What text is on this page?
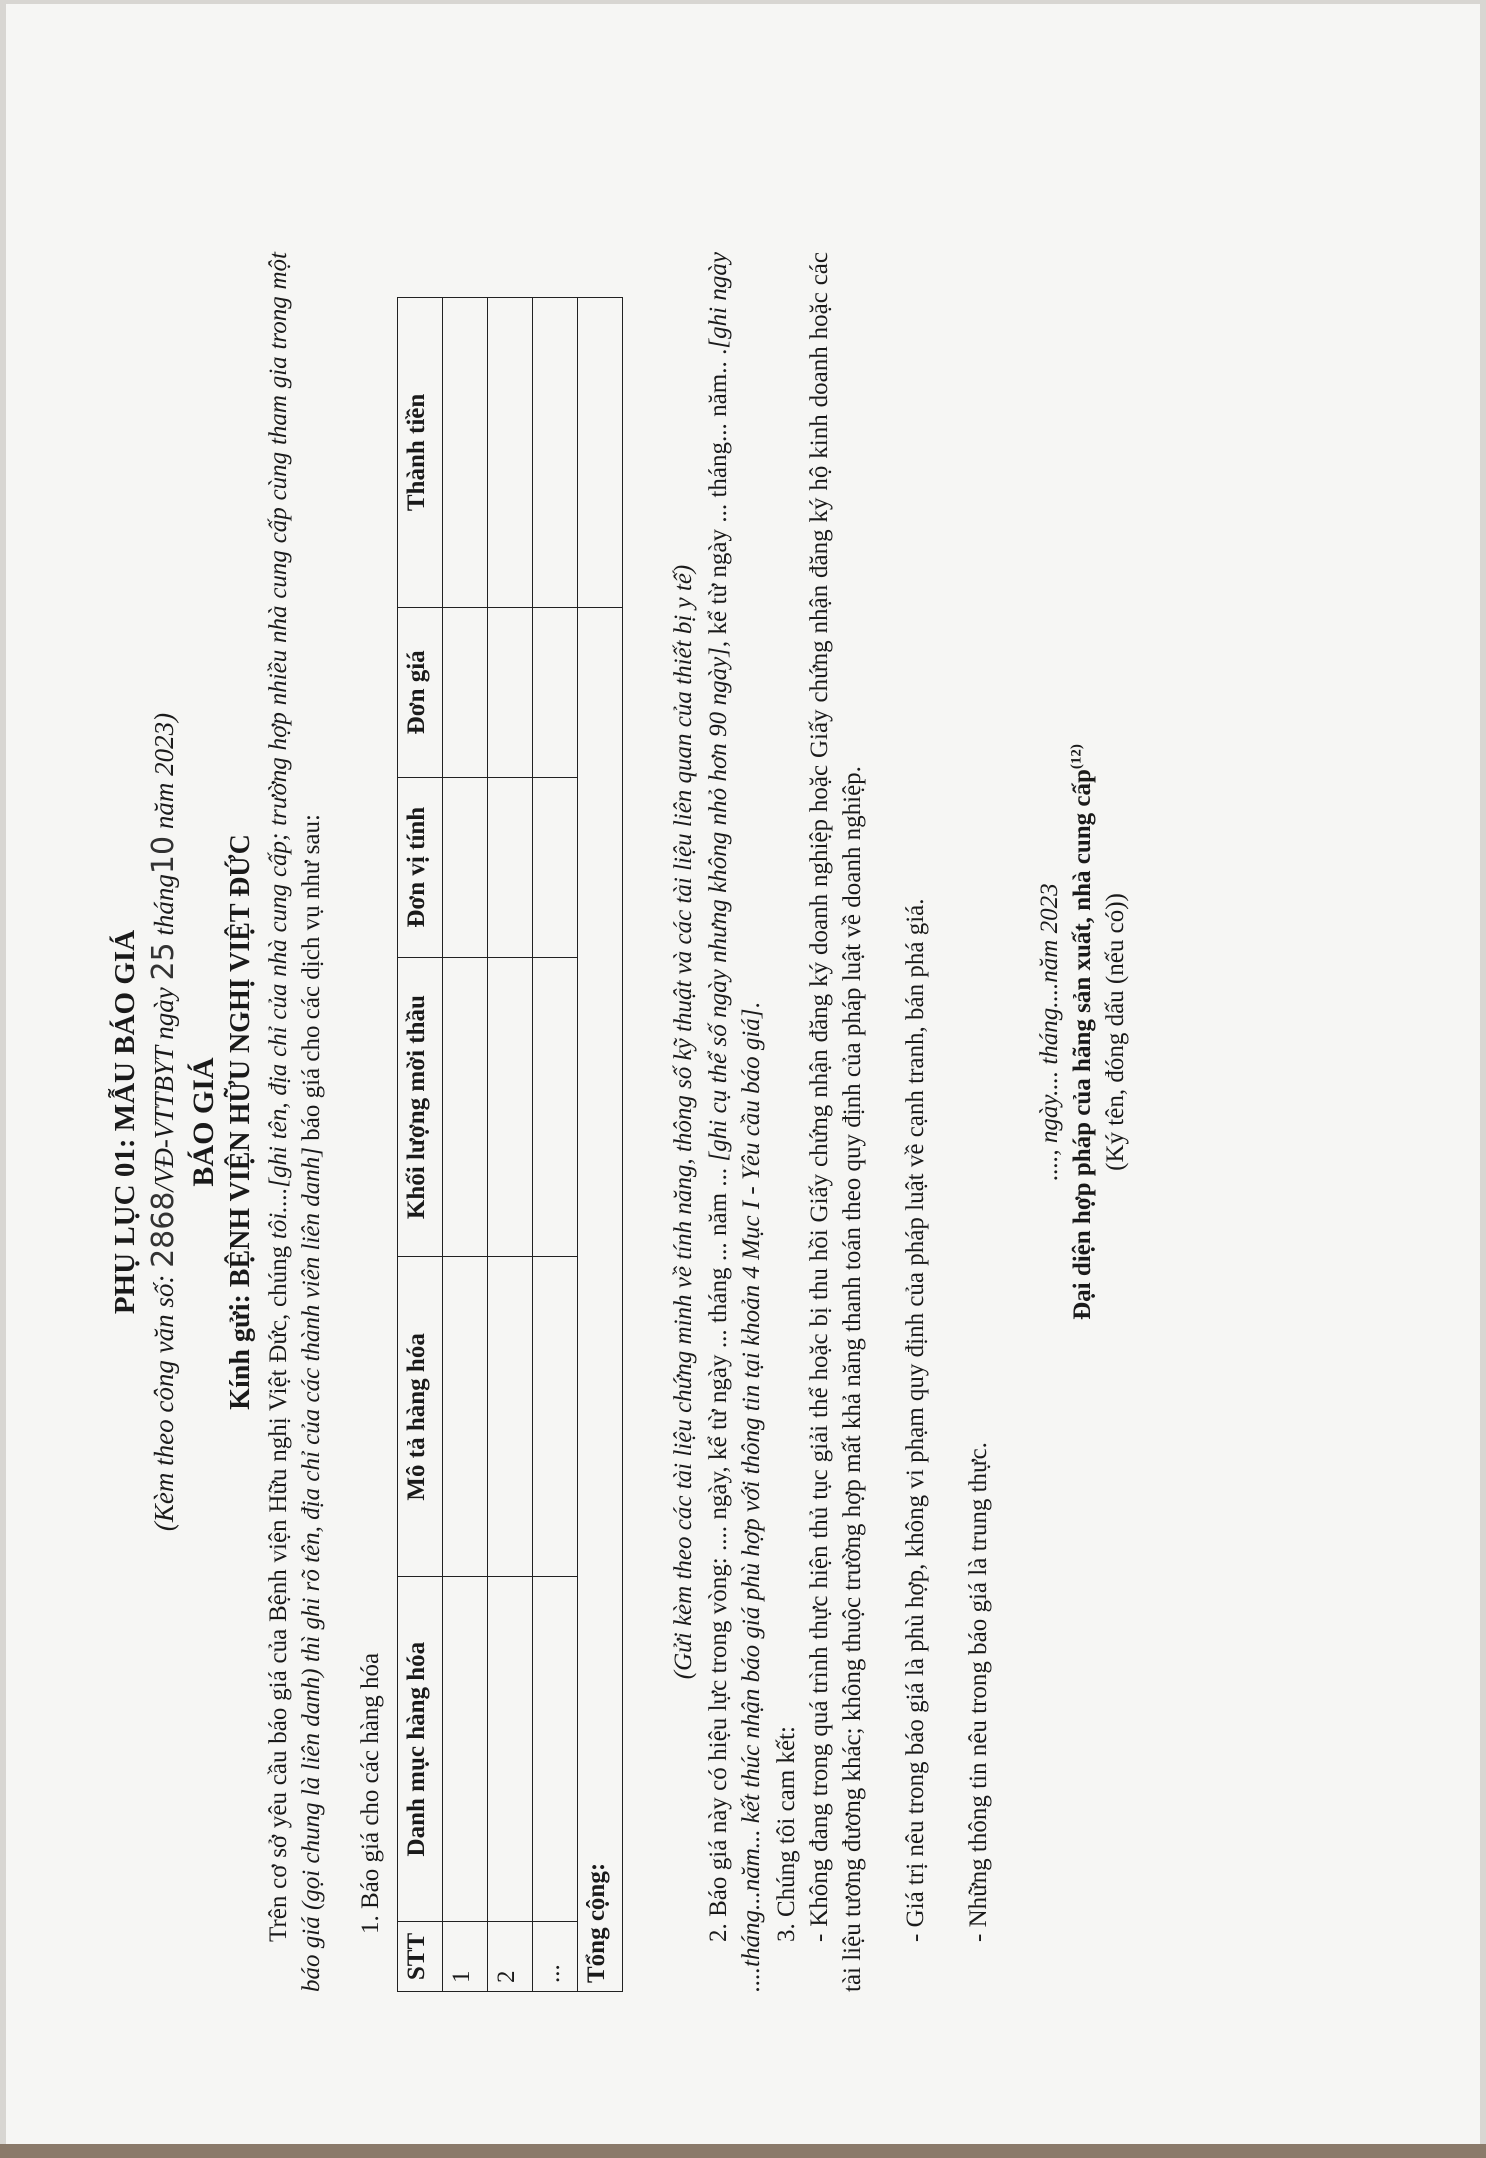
PHỤ LỤC 01: MẪU BÁO GIÁ

(Kèm theo công văn số: 2868/VĐ-VTTBYT ngày 25 tháng10 năm 2023)

BÁO GIÁ

Kính gửi: BỆNH VIỆN HỮU NGHỊ VIỆT ĐỨC

Trên cơ sở yêu cầu báo giá của Bệnh viện Hữu nghị Việt Đức, chúng tôi....[ghi tên, địa chỉ của nhà cung cấp; trường hợp nhiều nhà cung cấp cùng tham gia trong một báo giá (gọi chung là liên danh) thì ghi rõ tên, địa chỉ của các thành viên liên danh] báo giá cho các dịch vụ như sau:

1. Báo giá cho các hàng hóa

STT	Danh mục hàng hóa	Mô tả hàng hóa	Khối lượng mời thầu	Đơn vị tính	Đơn giá	Thành tiền
1						
2						
...						
Tổng cộng:						

(Gửi kèm theo các tài liệu chứng minh về tính năng, thông số kỹ thuật và các tài liệu liên quan của thiết bị y tế) 2. Báo giá này có hiệu lực trong vòng: .... ngày, kể từ ngày ... tháng ... năm ... [ghi cụ thể số ngày nhưng không nhỏ hơn 90 ngày], kể từ ngày ... tháng... năm.. .[ghi ngày ....tháng...năm... kết thúc nhận báo giá phù hợp với thông tin tại khoản 4 Mục I - Yêu cầu báo giá].

3. Chúng tôi cam kết: - Không đang trong quá trình thực hiện thủ tục giải thể hoặc bị thu hồi Giấy chứng nhận đăng ký doanh nghiệp hoặc Giấy chứng nhận đăng ký hộ kinh doanh hoặc các tài liệu tương đương khác; không thuộc trường hợp mất khả năng thanh toán theo quy định của pháp luật về doanh nghiệp. - Giá trị nêu trong báo giá là phù hợp, không vi phạm quy định của pháp luật về cạnh tranh, bán phá giá. - Những thông tin nêu trong báo giá là trung thực.

...., ngày.... tháng....năm 2023 Đại diện hợp pháp của hãng sản xuất, nhà cung cấp$^{(12)}$

(Ký tên, đóng dấu (nếu có))
